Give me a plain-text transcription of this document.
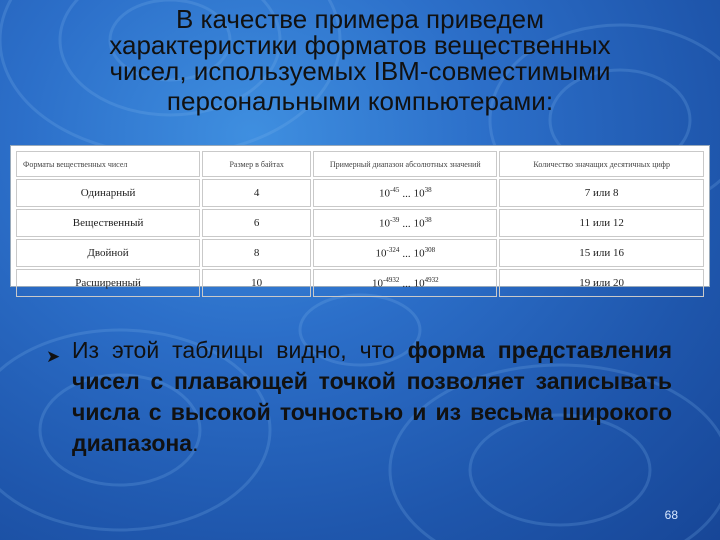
В качестве примера приведем
характеристики форматов вещественных
чисел, используемых IBM-совместимыми
персональными компьютерами:
Форматы вещественных чисел	Размер в байтах	Примерный диапазон абсолютных значений	Количество значащих десятичных цифр
Одинарный	4	$10^{-45}$ ... $10^{38}$	7 или 8
Вещественный	6	$10^{-39}$ ... $10^{38}$	11 или 12
Двойной	8	$10^{-324}$ ... $10^{308}$	15 или 16
Расширенный	10	$10^{-4932}$ ... $10^{4932}$	19 или 20
➤ Из этой таблицы видно, что форма представления чисел с плавающей точкой позволяет записывать числа с высокой точностью и из весьма широкого диапазона.
68
